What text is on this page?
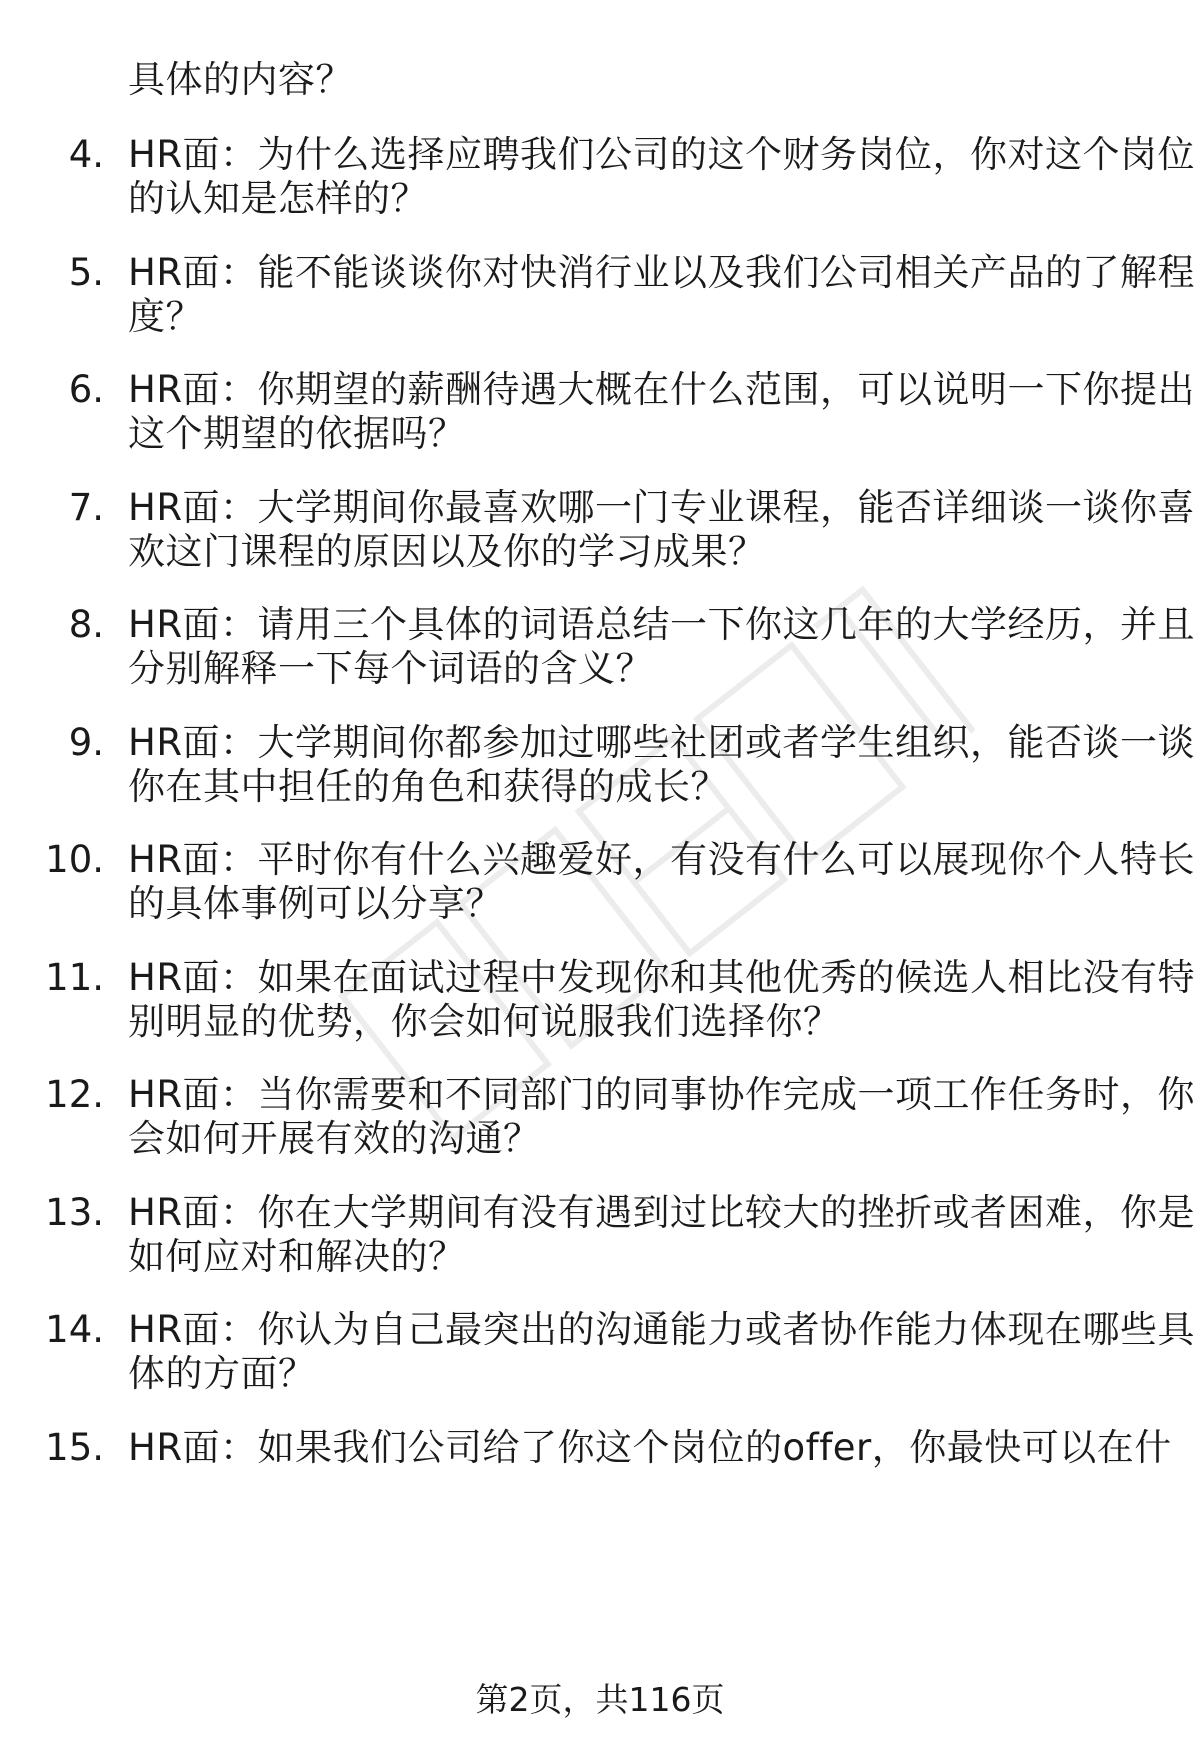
具体的内容？
4. HR面：为什么选择应聘我们公司的这个财务岗位，你对这个岗位
的认知是怎样的？
5. HR面：能不能谈谈你对快消行业以及我们公司相关产品的了解程
度？
6. HR面：你期望的薪酬待遇大概在什么范围，可以说明一下你提出
这个期望的依据吗？
7. HR面：大学期间你最喜欢哪一门专业课程，能否详细谈一谈你喜
欢这门课程的原因以及你的学习成果？
8. HR面：请用三个具体的词语总结一下你这几年的大学经历，并且
分别解释一下每个词语的含义？
9. HR面：大学期间你都参加过哪些社团或者学生组织，能否谈一谈
你在其中担任的角色和获得的成长？
10. HR面：平时你有什么兴趣爱好，有没有什么可以展现你个人特长
的具体事例可以分享？
11. HR面：如果在面试过程中发现你和其他优秀的候选人相比没有特
别明显的优势，你会如何说服我们选择你？
12. HR面：当你需要和不同部门的同事协作完成一项工作任务时，你
会如何开展有效的沟通？
13. HR面：你在大学期间有没有遇到过比较大的挫折或者困难，你是
如何应对和解决的？
14. HR面：你认为自己最突出的沟通能力或者协作能力体现在哪些具
体的方面？
15. HR面：如果我们公司给了你这个岗位的offer，你最快可以在什
第2页，共116页
